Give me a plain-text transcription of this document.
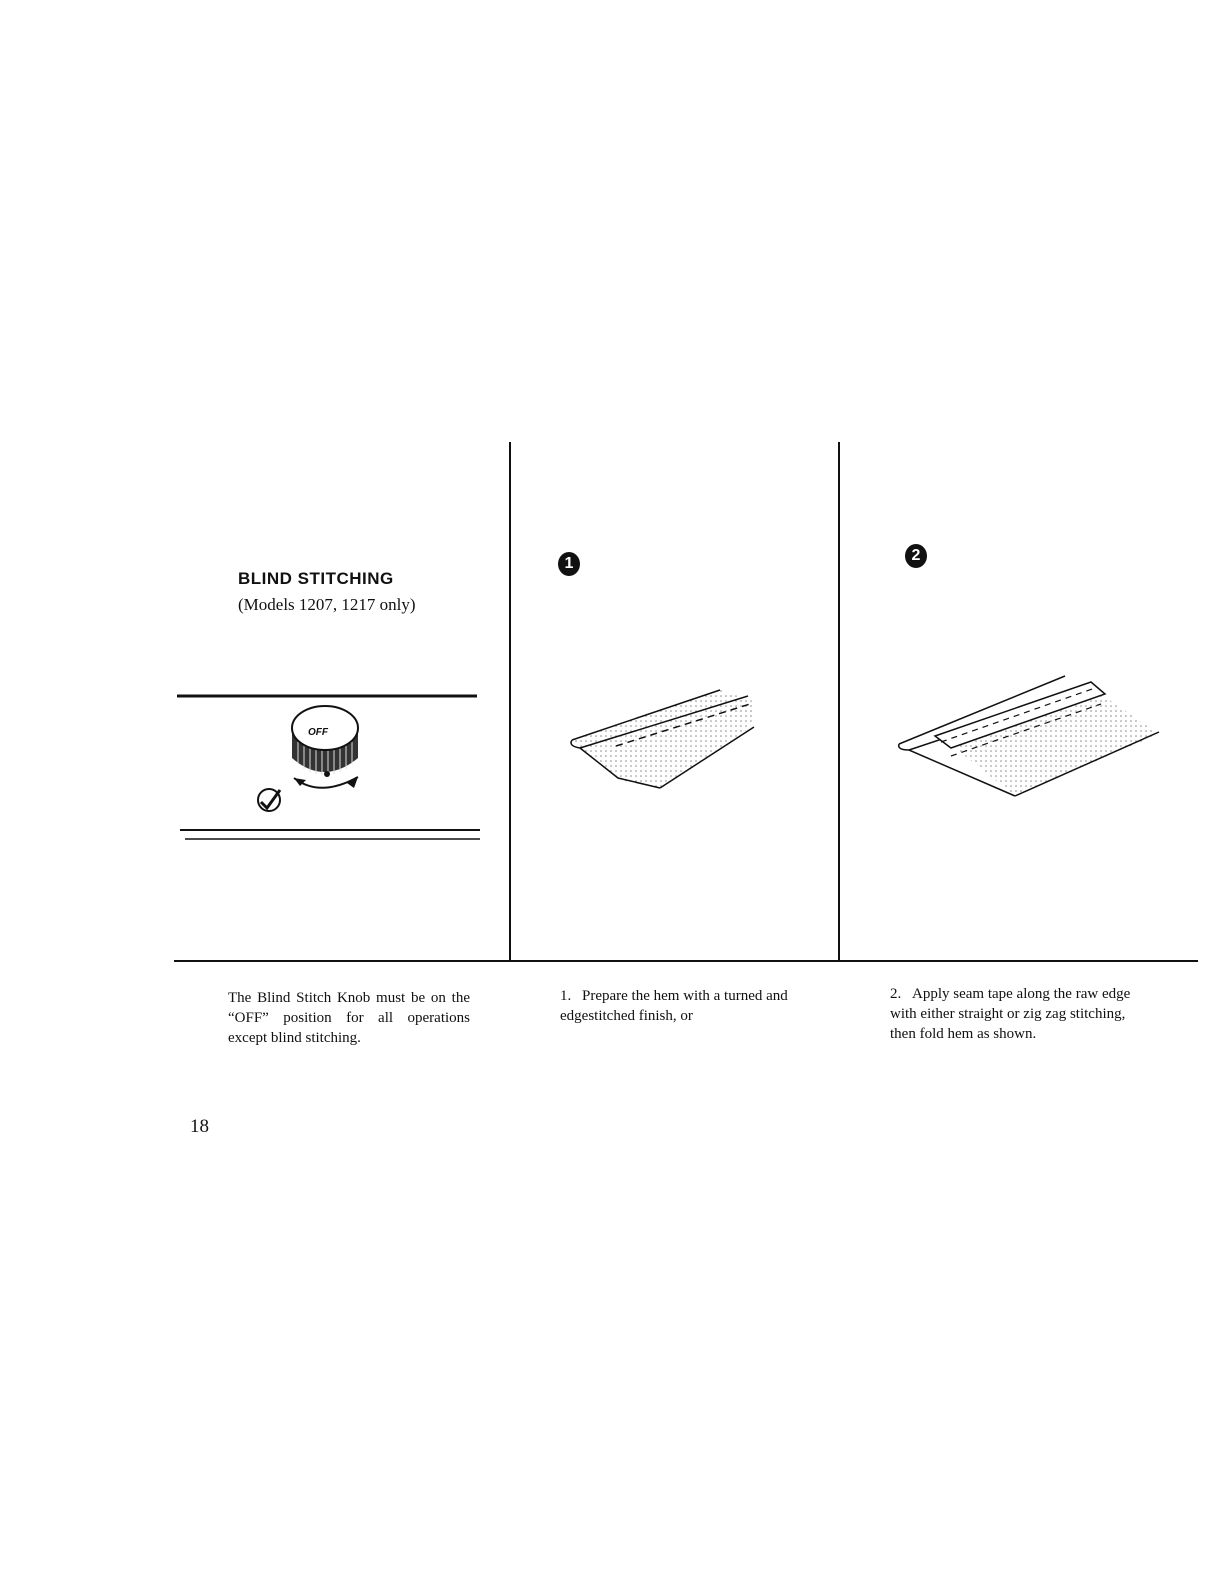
BLIND STITCHING
(Models 1207, 1217 only)
OFF
1	2
The Blind Stitch Knob must be on the “OFF” position for all operations except blind stitching.
1. Prepare the hem with a turned and edgestitched finish, or
2. Apply seam tape along the raw edge with either straight or zig zag stitching, then fold hem as shown.
18
